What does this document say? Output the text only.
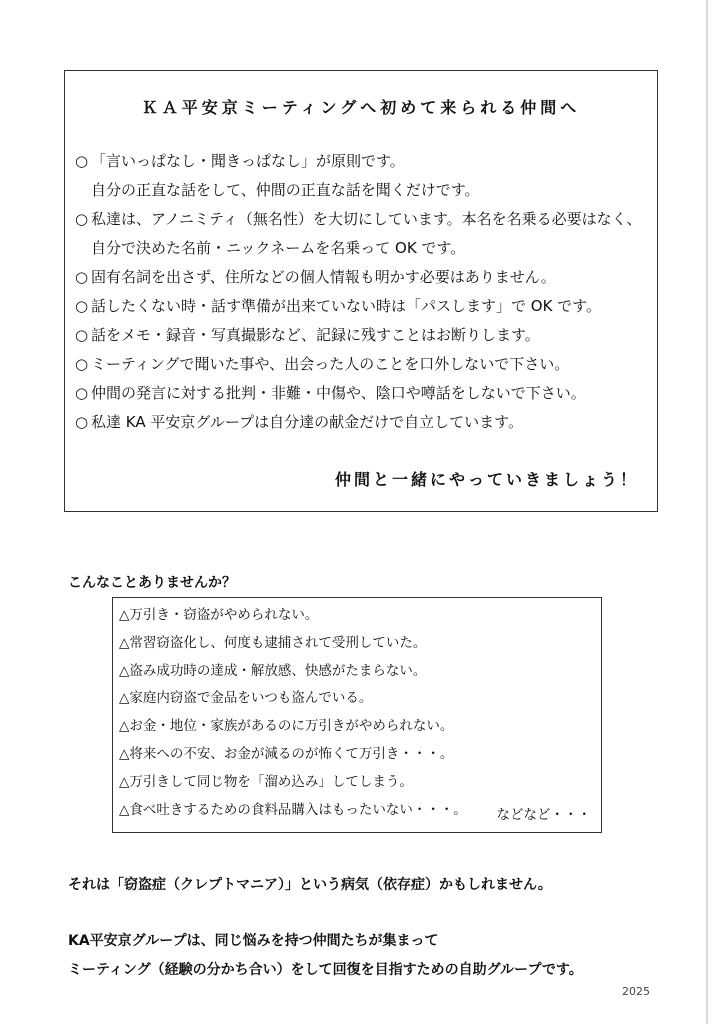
ＫＡ平安京ミーティングへ初めて来られる仲間へ
○ 「言いっぱなし・聞きっぱなし」が原則です。
自分の正直な話をして、仲間の正直な話を聞くだけです。
○ 私達は、アノニミティ（無名性）を大切にしています。本名を名乗る必要はなく、
自分で決めた名前・ニックネームを名乗って OK です。
○ 固有名詞を出さず、住所などの個人情報も明かす必要はありません。
○ 話したくない時・話す準備が出来ていない時は「パスします」で OK です。
○ 話をメモ・録音・写真撮影など、記録に残すことはお断りします。
○ ミーティングで聞いた事や、出会った人のことを口外しないで下さい。
○ 仲間の発言に対する批判・非難・中傷や、陰口や噂話をしないで下さい。
○ 私達 KA 平安京グループは自分達の献金だけで自立しています。
仲間と一緒にやっていきましょう！
こんなことありませんか？
△万引き・窃盗がやめられない。
△常習窃盗化し、何度も逮捕されて受刑していた。
△盗み成功時の達成・解放感、快感がたまらない。
△家庭内窃盗で金品をいつも盗んでいる。
△お金・地位・家族があるのに万引きがやめられない。
△将来への不安、お金が減るのが怖くて万引き・・・。
△万引きして同じ物を「溜め込み」してしまう。
△食べ吐きするための食料品購入はもったいない・・・。	などなど・・・
それは「窃盗症（クレプトマニア）」という病気（依存症）かもしれません。
KA平安京グループは、同じ悩みを持つ仲間たちが集まって
ミーティング（経験の分かち合い）をして回復を目指すための自助グループです。
2025
